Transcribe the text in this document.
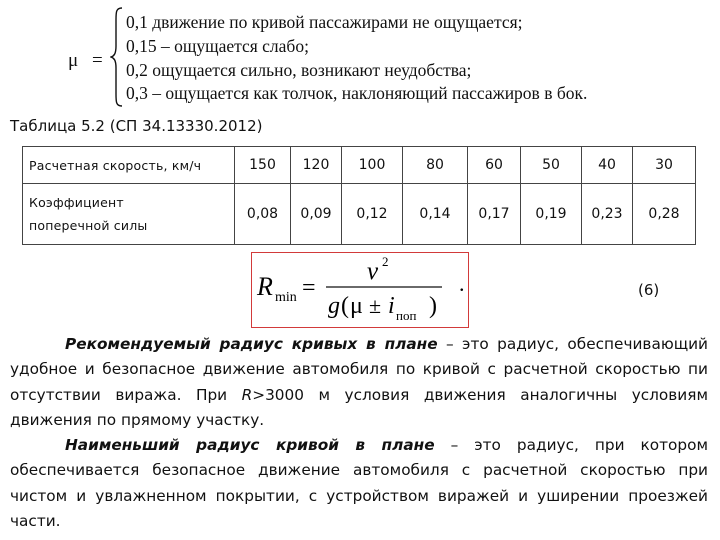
μ =
0,1 движение по кривой пассажирами не ощущается;
0,15 – ощущается слабо;
0,2 ощущается сильно, возникают неудобства;
0,3 – ощущается как толчок, наклоняющий пассажиров в бок.
Таблица 5.2 (СП 34.13330.2012)
Расчетная скорость, км/ч	150	120	100	80	60	50	40	30
Коэффициент
поперечной силы	0,08	0,09	0,12	0,14	0,17	0,19	0,23	0,28
R min =
v 2
g ( μ ± i поп )
.	(6)
Рекомендуемый радиус кривых в плане – это радиус, обеспечивающий удобное и безопасное движение автомобиля по кривой с расчетной скоростью пи отсутствии виража. При R>3000 м условия движения аналогичны условиям движения по прямому участку.
Наименьший радиус кривой в плане – это радиус, при котором обеспечивается безопасное движение автомобиля с расчетной скоростью при чистом и увлажненном покрытии, с устройством виражей и уширении проезжей части.
